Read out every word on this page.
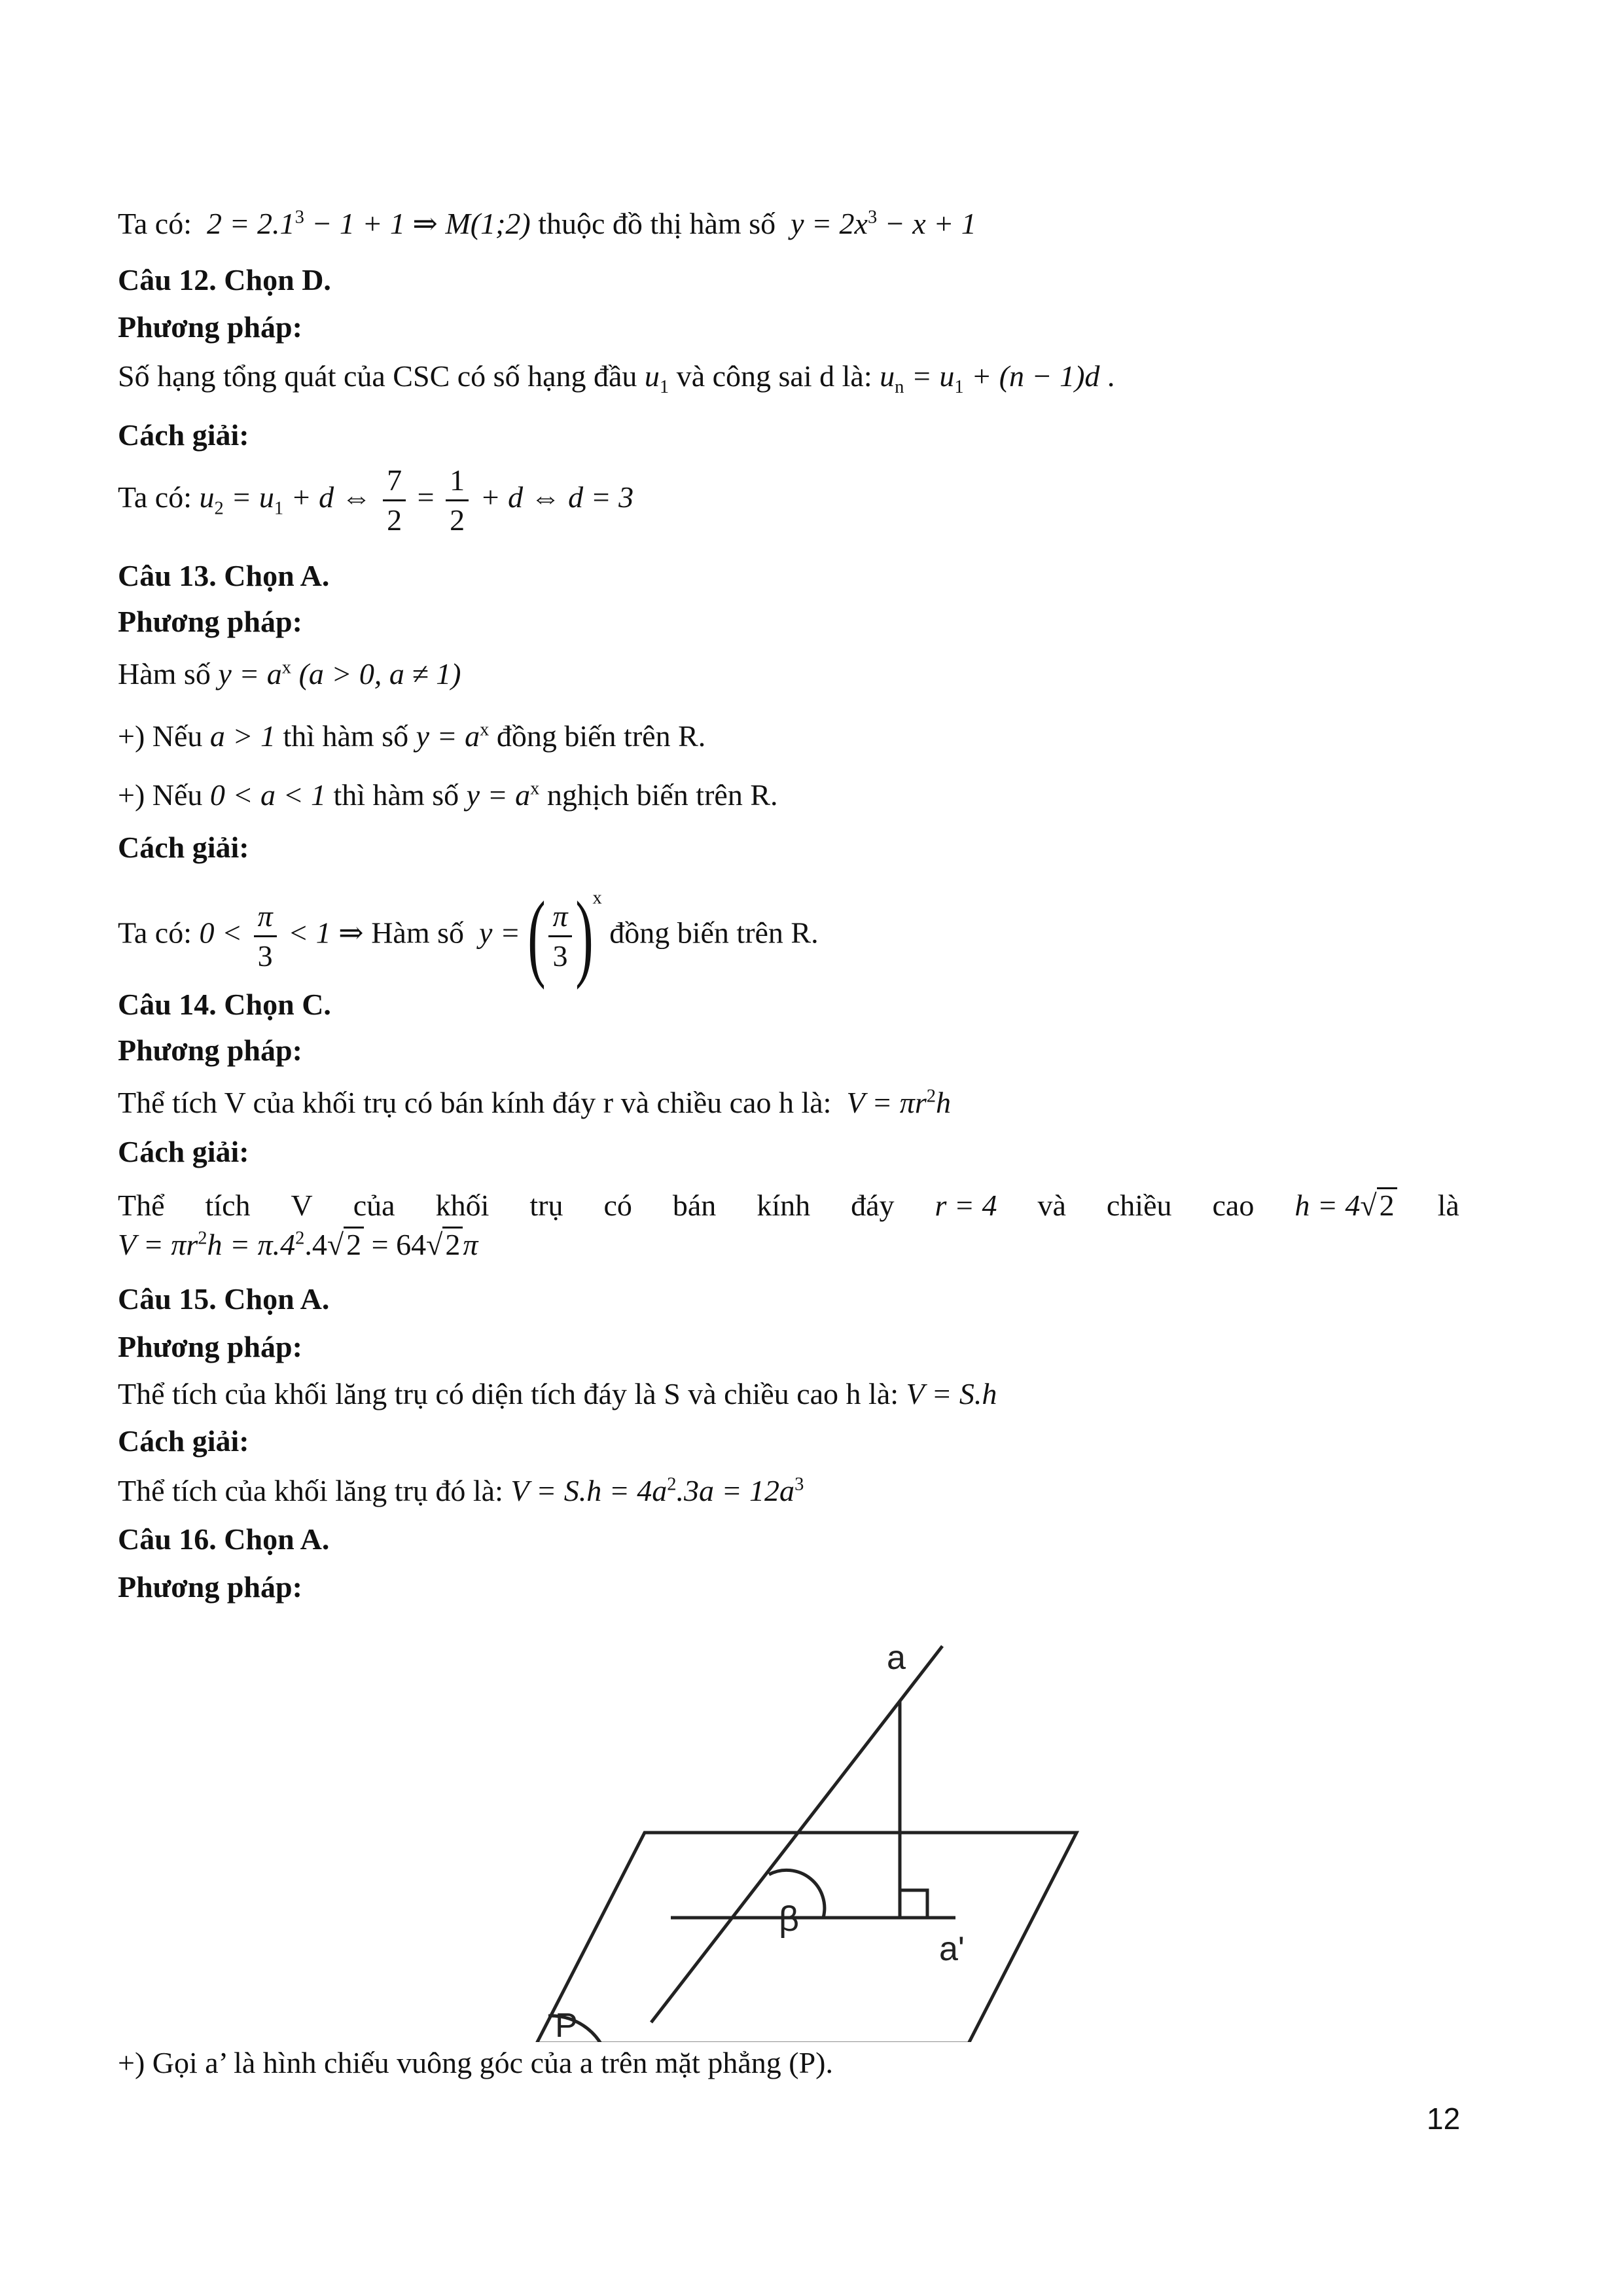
Ta có: $2 = 2.1^3 - 1 + 1$ ⇒ M(1;2) thuộc đồ thị hàm số  $y = 2x^3 - x + 1$
Câu 12. Chọn D.
Phương pháp:
Số hạng tổng quát của CSC có số hạng đầu $u_1$ và công sai d là: $u_n = u_1 + (n - 1)d$ .
Cách giải:
Ta có: $u_2 = u_1 + d$ ⇔ $\frac{7}{2} = \frac{1}{2} + d$ ⇔ d = 3
Câu 13. Chọn A.
Phương pháp:
Hàm số $y = a^x$ (a > 0, a ≠ 1)
+) Nếu a > 1 thì hàm số $y = a^x$ đồng biến trên R.
+) Nếu 0 < a < 1 thì hàm số $y = a^x$ nghịch biến trên R.
Cách giải:
Ta có: $0 < \frac{\pi}{3} < 1$ ⇒ Hàm số  y = ( $\frac{\pi}{3} )^x$ đồng biến trên R.
Câu 14. Chọn C.
Phương pháp:
Thể tích V của khối trụ có bán kính đáy r và chiều cao h là:  $V = \pi r^2h$
Cách giải:
Thể tích V của khối trụ có bán kính đáy r = 4 và chiều cao h = 4√2 là
$V = \pi r^2h = \pi.4^2.4√2 = 64√2\pi$
Câu 15. Chọn A.
Phương pháp:
Thể tích của khối lăng trụ có diện tích đáy là S và chiều cao h là: V = S.h
Cách giải:
Thể tích của khối lăng trụ đó là: $V = S.h = 4a^2.3a = 12a^3$
Câu 16. Chọn A.
Phương pháp:
a
a'
β
P
+) Gọi a’ là hình chiếu vuông góc của a trên mặt phẳng (P).
12
